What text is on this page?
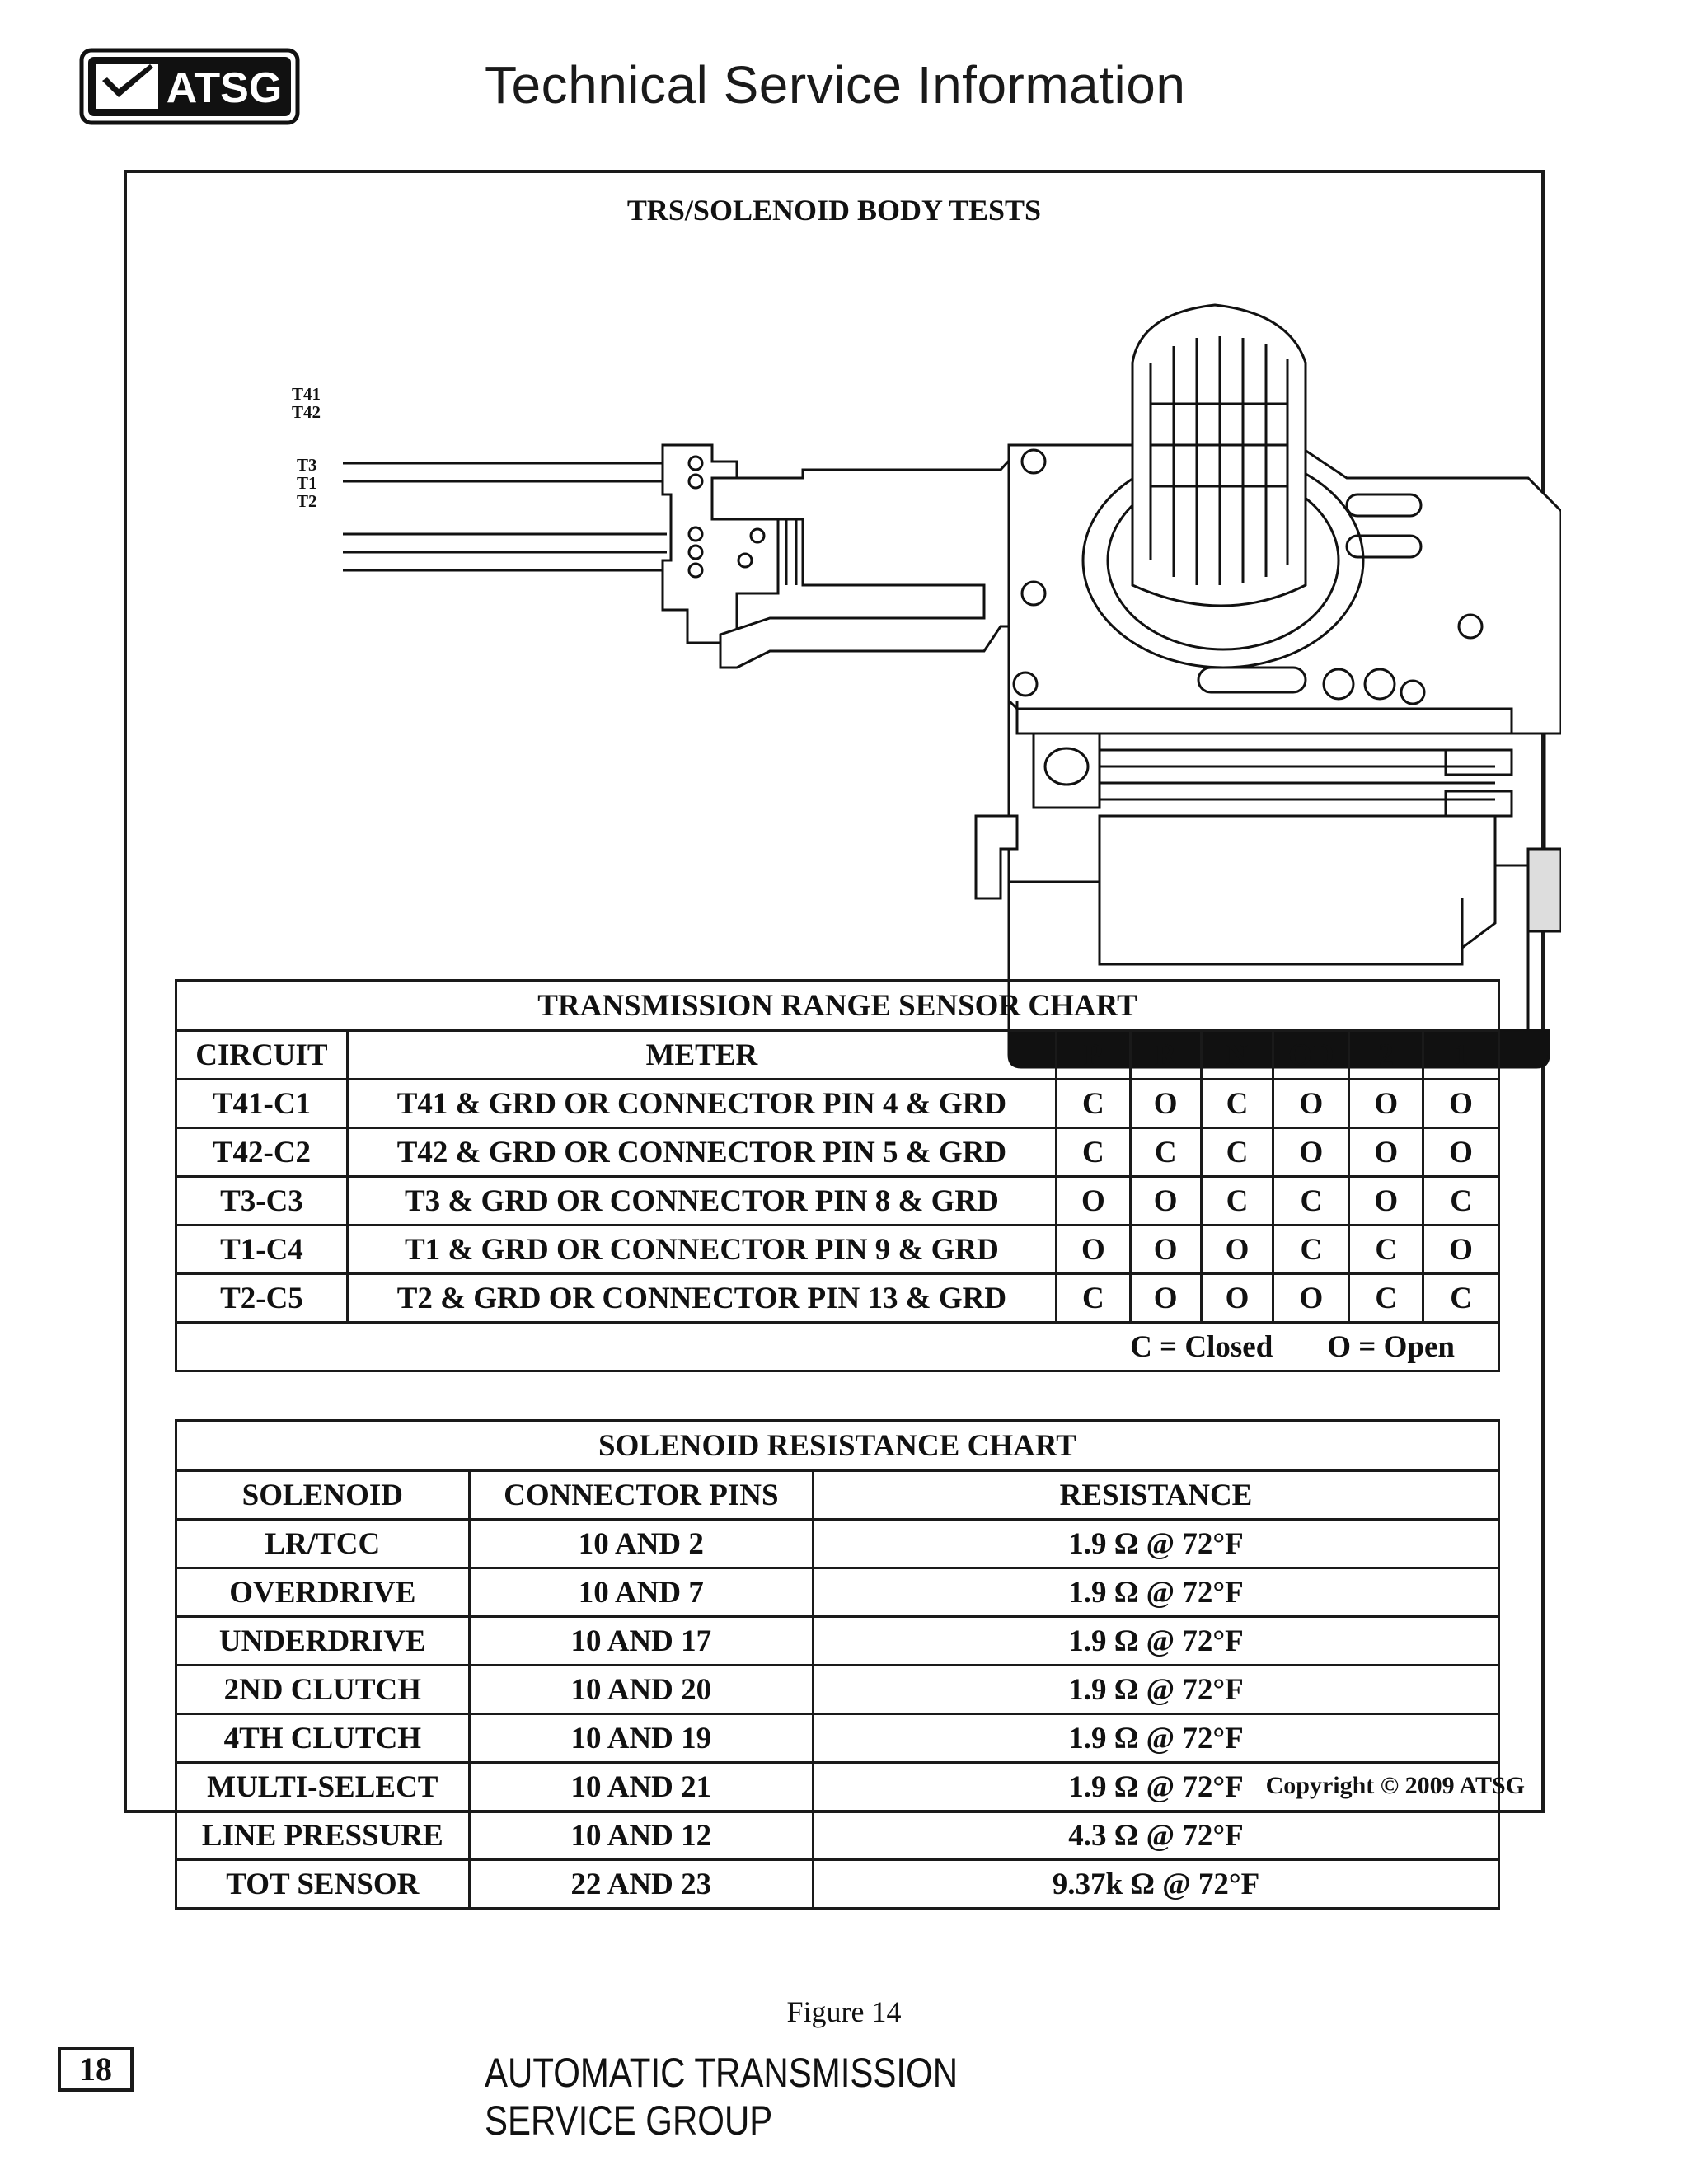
ATSG	Technical Service Information
TRS/SOLENOID BODY TESTS
T41
T42
T3
T1
T2
TRANSMISSION RANGE SENSOR CHART							
CIRCUIT	METER	P	R	N	OD	2	1
T41-C1	T41 & GRD OR CONNECTOR PIN 4 & GRD	C	O	C	O	O	O
T42-C2	T42 & GRD OR CONNECTOR PIN 5 & GRD	C	C	C	O	O	O
T3-C3	T3 & GRD OR CONNECTOR PIN 8 & GRD	O	O	C	C	O	C
T1-C4	T1 & GRD OR CONNECTOR PIN 9 & GRD	O	O	O	C	C	O
T2-C5	T2 & GRD OR CONNECTOR PIN 13 & GRD	C	O	O	O	C	C
C = Closed O = Open							
SOLENOID RESISTANCE CHART		
SOLENOID	CONNECTOR PINS	RESISTANCE
LR/TCC	10 AND 2	1.9 Ω @ 72°F
OVERDRIVE	10 AND 7	1.9 Ω @ 72°F
UNDERDRIVE	10 AND 17	1.9 Ω @ 72°F
2ND CLUTCH	10 AND 20	1.9 Ω @ 72°F
4TH CLUTCH	10 AND 19	1.9 Ω @ 72°F
MULTI-SELECT	10 AND 21	1.9 Ω @ 72°F
LINE PRESSURE	10 AND 12	4.3 Ω @ 72°F
TOT SENSOR	22 AND 23	9.37k Ω @ 72°F
Copyright © 2009 ATSG
Figure 14
18	AUTOMATIC TRANSMISSION SERVICE GROUP
